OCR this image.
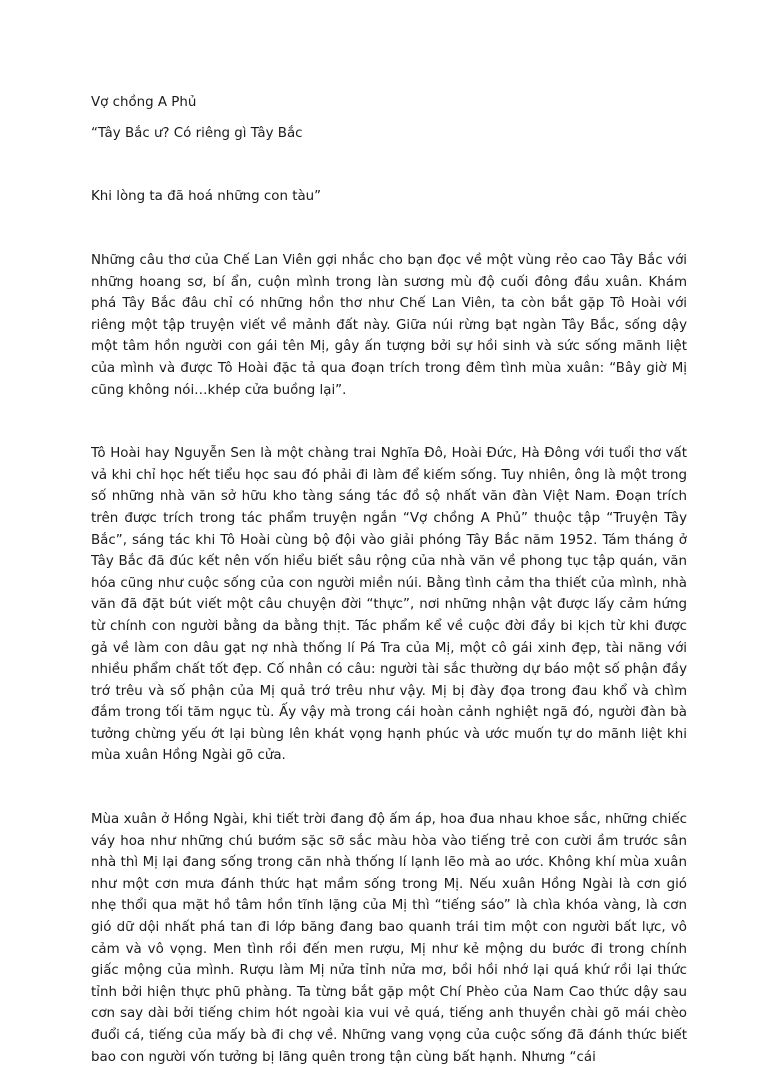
Vợ chồng A Phủ

“Tây Bắc ư? Có riêng gì Tây Bắc

Khi lòng ta đã hoá những con tàu”

Những câu thơ của Chế Lan Viên gợi nhắc cho bạn đọc về một vùng rẻo cao Tây Bắc với những hoang sơ, bí ẩn, cuộn mình trong làn sương mù độ cuối đông đầu xuân. Khám phá Tây Bắc đâu chỉ có những hồn thơ như Chế Lan Viên, ta còn bắt gặp Tô Hoài với riêng một tập truyện viết về mảnh đất này. Giữa núi rừng bạt ngàn Tây Bắc, sống dậy một tâm hồn người con gái tên Mị, gây ấn tượng bởi sự hồi sinh và sức sống mãnh liệt của mình và được Tô Hoài đặc tả qua đoạn trích trong đêm tình mùa xuân: “Bây giờ Mị cũng không nói…khép cửa buồng lại”.

Tô Hoài hay Nguyễn Sen là một chàng trai Nghĩa Đô, Hoài Đức, Hà Đông với tuổi thơ vất vả khi chỉ học hết tiểu học sau đó phải đi làm để kiếm sống. Tuy nhiên, ông là một trong số những nhà văn sở hữu kho tàng sáng tác đồ sộ nhất văn đàn Việt Nam. Đoạn trích trên được trích trong tác phẩm truyện ngắn “Vợ chồng A Phủ” thuộc tập “Truyện Tây Bắc”, sáng tác khi Tô Hoài cùng bộ đội vào giải phóng Tây Bắc năm 1952. Tám tháng ở Tây Bắc đã đúc kết nên vốn hiểu biết sâu rộng của nhà văn về phong tục tập quán, văn hóa cũng như cuộc sống của con người miền núi. Bằng tình cảm tha thiết của mình, nhà văn đã đặt bút viết một câu chuyện đời “thực”, nơi những nhận vật được lấy cảm hứng từ chính con người bằng da bằng thịt. Tác phẩm kể về cuộc đời đầy bi kịch từ khi được gả về làm con dâu gạt nợ nhà thống lí Pá Tra của Mị, một cô gái xinh đẹp, tài năng với nhiều phẩm chất tốt đẹp. Cố nhân có câu: người tài sắc thường dự báo một số phận đầy trớ trêu và số phận của Mị quả trớ trêu như vậy. Mị bị đày đọa trong đau khổ và chìm đắm trong tối tăm ngục tù. Ấy vậy mà trong cái hoàn cảnh nghiệt ngã đó, người đàn bà tưởng chừng yếu ớt lại bùng lên khát vọng hạnh phúc và ước muốn tự do mãnh liệt khi mùa xuân Hồng Ngài gõ cửa.

Mùa xuân ở Hồng Ngài, khi tiết trời đang độ ấm áp, hoa đua nhau khoe sắc, những chiếc váy hoa như những chú bướm sặc sỡ sắc màu hòa vào tiếng trẻ con cười ầm trước sân nhà thì Mị lại đang sống trong căn nhà thống lí lạnh lẽo mà ao ước. Không khí mùa xuân như một cơn mưa đánh thức hạt mầm sống trong Mị. Nếu xuân Hồng Ngài là cơn gió nhẹ thổi qua mặt hồ tâm hồn tĩnh lặng của Mị thì “tiếng sáo” là chìa khóa vàng, là cơn gió dữ dội nhất phá tan đi lớp băng đang bao quanh trái tim một con người bất lực, vô cảm và vô vọng. Men tình rồi đến men rượu, Mị như kẻ mộng du bước đi trong chính giấc mộng của mình. Rượu làm Mị nửa tỉnh nửa mơ, bồi hồi nhớ lại quá khứ rồi lại thức tỉnh bởi hiện thực phũ phàng. Ta từng bắt gặp một Chí Phèo của Nam Cao thức dậy sau cơn say dài bởi tiếng chim hót ngoài kia vui vẻ quá, tiếng anh thuyền chài gõ mái chèo đuổi cá, tiếng của mấy bà đi chợ về. Những vang vọng của cuộc sống đã đánh thức biết bao con người vốn tưởng bị lãng quên trong tận cùng bất hạnh. Nhưng “cái
